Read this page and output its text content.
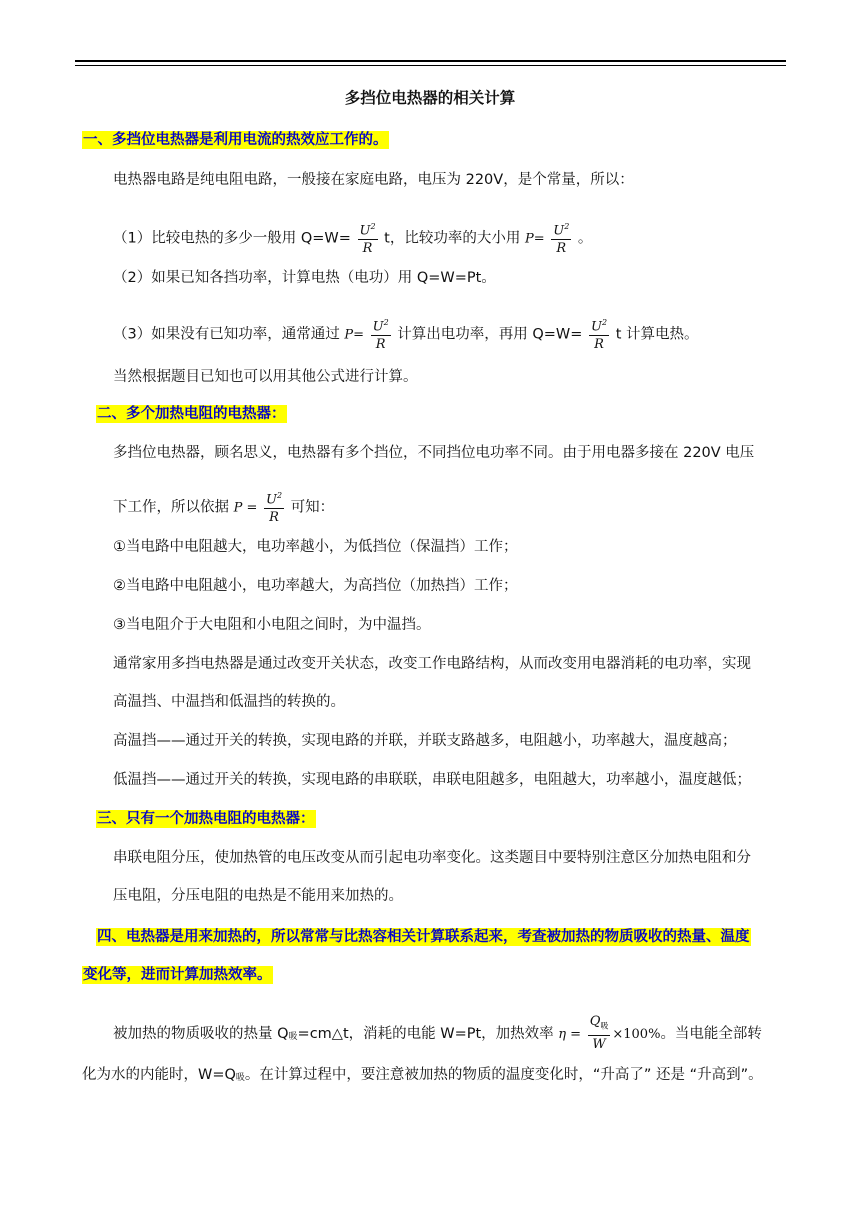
多挡位电热器的相关计算
一、多挡位电热器是利用电流的热效应工作的。
电热器电路是纯电阻电路，一般接在家庭电路，电压为 220V，是个常量，所以：
（1）比较电热的多少一般用 $Q=W= \frac{U^2}{R}$ t，比较功率的大小用 $P= \frac{U^2}{R}$ 。
（2）如果已知各挡功率，计算电热（电功）用 Q=W=Pt。
（3）如果没有已知功率，通常通过 $P= \frac{U^2}{R}$ 计算出电功率，再用 $Q=W= \frac{U^2}{R}$ t 计算电热。
当然根据题目已知也可以用其他公式进行计算。
二、多个加热电阻的电热器：
多挡位电热器，顾名思义，电热器有多个挡位，不同挡位电功率不同。由于用电器多接在 220V 电压
下工作，所以依据 $P = \frac{U^2}{R}$ 可知：
①当电路中电阻越大，电功率越小，为低挡位（保温挡）工作；
②当电路中电阻越小，电功率越大，为高挡位（加热挡）工作；
③当电阻介于大电阻和小电阻之间时，为中温挡。
通常家用多挡电热器是通过改变开关状态，改变工作电路结构，从而改变用电器消耗的电功率，实现
高温挡、中温挡和低温挡的转换的。
高温挡——通过开关的转换，实现电路的并联，并联支路越多，电阻越小，功率越大，温度越高；
低温挡——通过开关的转换，实现电路的串联联，串联电阻越多，电阻越大，功率越小，温度越低；
三、只有一个加热电阻的电热器：
串联电阻分压，使加热管的电压改变从而引起电功率变化。这类题目中要特别注意区分加热电阻和分
压电阻，分压电阻的电热是不能用来加热的。
四、电热器是用来加热的，所以常常与比热容相关计算联系起来，考查被加热的物质吸收的热量、温度
变化等，进而计算加热效率。
被加热的物质吸收的热量 Q吸=cm△t，消耗的电能 W=Pt，加热效率 $\eta = \frac{Q_吸}{W} \times 100\%$。当电能全部转
化为水的内能时，W=Q吸。在计算过程中，要注意被加热的物质的温度变化时，“升高了” 还是 “升高到”。
